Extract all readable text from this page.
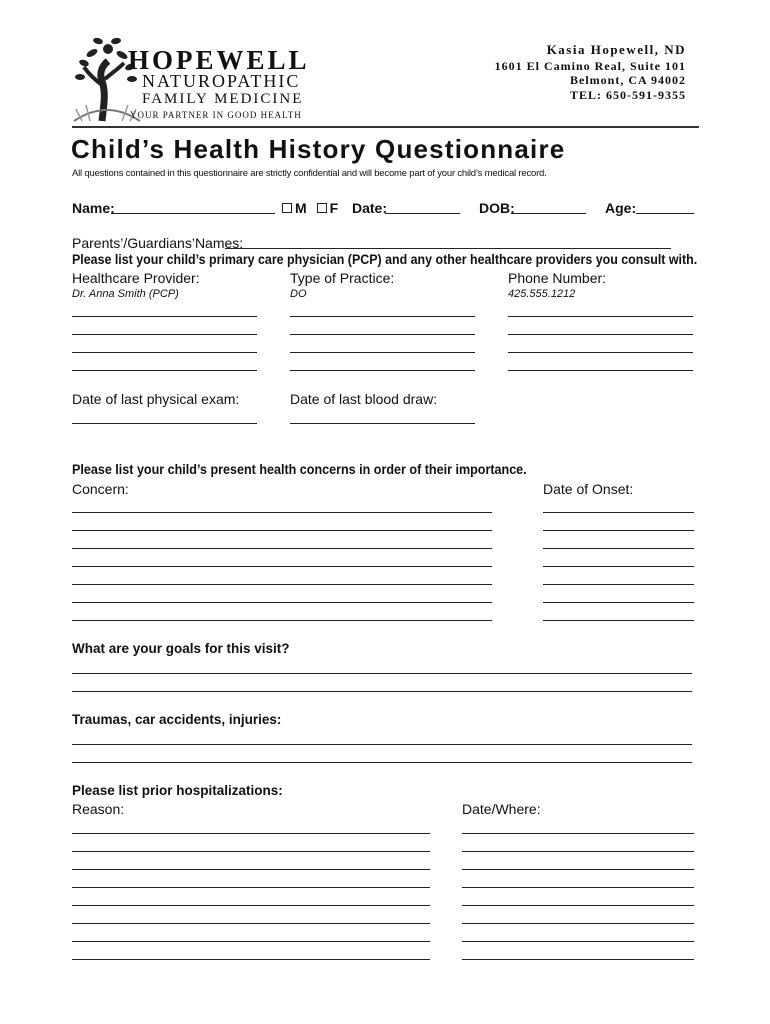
HOPEWELL
NATUROPATHIC
FAMILY MEDICINE
YOUR PARTNER IN GOOD HEALTH
Kasia Hopewell, ND
1601 El Camino Real, Suite 101
Belmont, CA 94002
TEL: 650-591-9355
Child’s Health History Questionnaire
All questions contained in this questionnaire are strictly confidential and will become part of your child’s medical record.
Name:	M F Date:	DOB:	Age:
Parents’/Guardians’Names:
Please list your child’s primary care physician (PCP) and any other healthcare providers you consult with.
Healthcare Provider:	Type of Practice:	Phone Number:
Dr. Anna Smith (PCP)	DO	425.555.1212
Date of last physical exam:	Date of last blood draw:
Please list your child’s present health concerns in order of their importance.
Concern:	Date of Onset:
What are your goals for this visit?
Traumas, car accidents, injuries:
Please list prior hospitalizations:
Reason:	Date/Where:
